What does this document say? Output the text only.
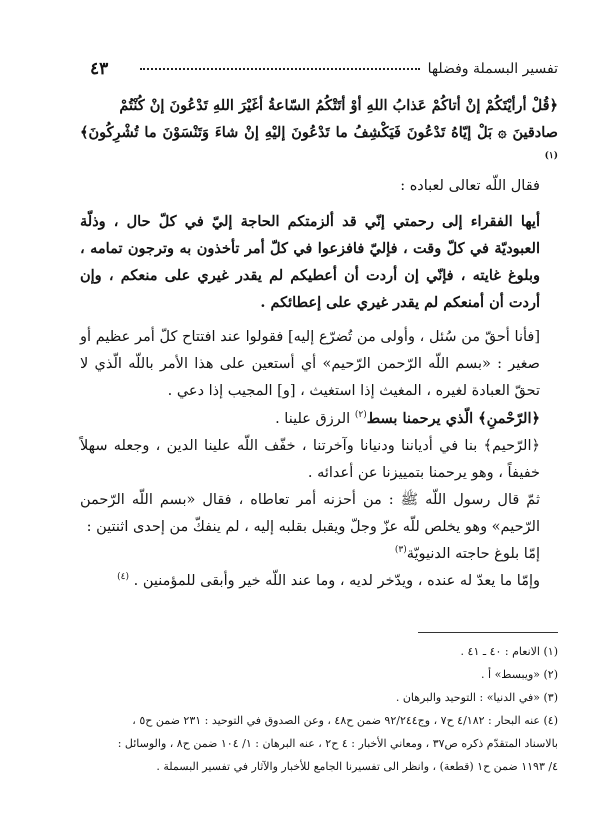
٤٣	تفسير البسملة وفضلها

﴿قُلْ أرأيْتَكُمْ إنْ أتاكُمْ عَذابُ اللهِ أوْ أتَتْكُمُ السّاعةُ أغَيْرَ اللهِ تَدْعُونَ إنْ كُنْتُمْ

صادقينَ ۞ بَلْ إيّاهُ تَدْعُونَ فَيَكْشِفُ ما تَدْعُونَ إليْهِ إنْ شاءَ وَتَنْسَوْنَ ما تُشْرِكُونَ﴾$^{(١)}$

فقال اللّه تعالى لعباده :

أيها الفقراء إلى رحمتي إنّي قد ألزمتكم الحاجة إليّ في كلّ حال ، وذلّة العبوديّة في كلّ وقت ، فإليّ فافزعوا في كلّ أمر تأخذون به وترجون تمامه ، وبلوغ غايته ، فإنّي إن أردت أن أعطيكم لم يقدر غيري على منعكم ، وإن أردت أن أمنعكم لم يقدر غيري على إعطائكم .

[فأنا أحقّ من سُئل ، وأولى من تُضرّع إليه] فقولوا عند افتتاح كلّ أمر عظيم أو صغير : «بسم اللّه الرّحمن الرّحيم» أي أستعين على هذا الأمر باللّه الّذي لا تحقّ العبادة لغيره ، المغيث إذا استغيث ، [و] المجيب إذا دعي .

﴿الرّحْمنِ﴾ الّذي يرحمنا بسط$^{(٢)}$ الرزق علينا .

﴿الرّحيم﴾ بنا في أدياننا ودنيانا وآخرتنا ، خفّف اللّه علينا الدين ، وجعله سهلاً خفيفاً ، وهو يرحمنا بتمييزنا عن أعدائه .

ثمّ قال رسول اللّه ﷺ : من أحزنه أمر تعاطاه ، فقال «بسم اللّه الرّحمن الرّحيم» وهو يخلص للّه عزّ وجلّ ويقبل بقلبه إليه ، لم ينفكّ من إحدى اثنتين :

إمّا بلوغ حاجته الدنيويّة$^{(٣)}$

وإمّا ما يعدّ له عنده ، ويدّخر لديه ، وما عند اللّه خير وأبقى للمؤمنين . $^{(٤)}$

(١) الانعام : ٤٠ ـ ٤١ .

(٢) «ويبسط» أ .

(٣) «في الدنيا» : التوحيد والبرهان .

(٤) عنه البحار : ٤/١٨٢ ح٧ ، وج٩٢/٢٤٤ ضمن ح٤٨ ، وعن الصدوق في التوحيد : ٢٣١ ضمن ح٥ ،

بالاسناد المتقدّم ذكره ص٣٧ ، ومعاني الأخبار : ٤ ح٢ ، عنه البرهان : ١/ ١٠٤ ضمن ح٨ ، والوسائل :

٤/ ١١٩٣ ضمن ح١ (قطعة) ، وانظر الى تفسيرنا الجامع للأخبار والآثار في تفسير البسملة .
